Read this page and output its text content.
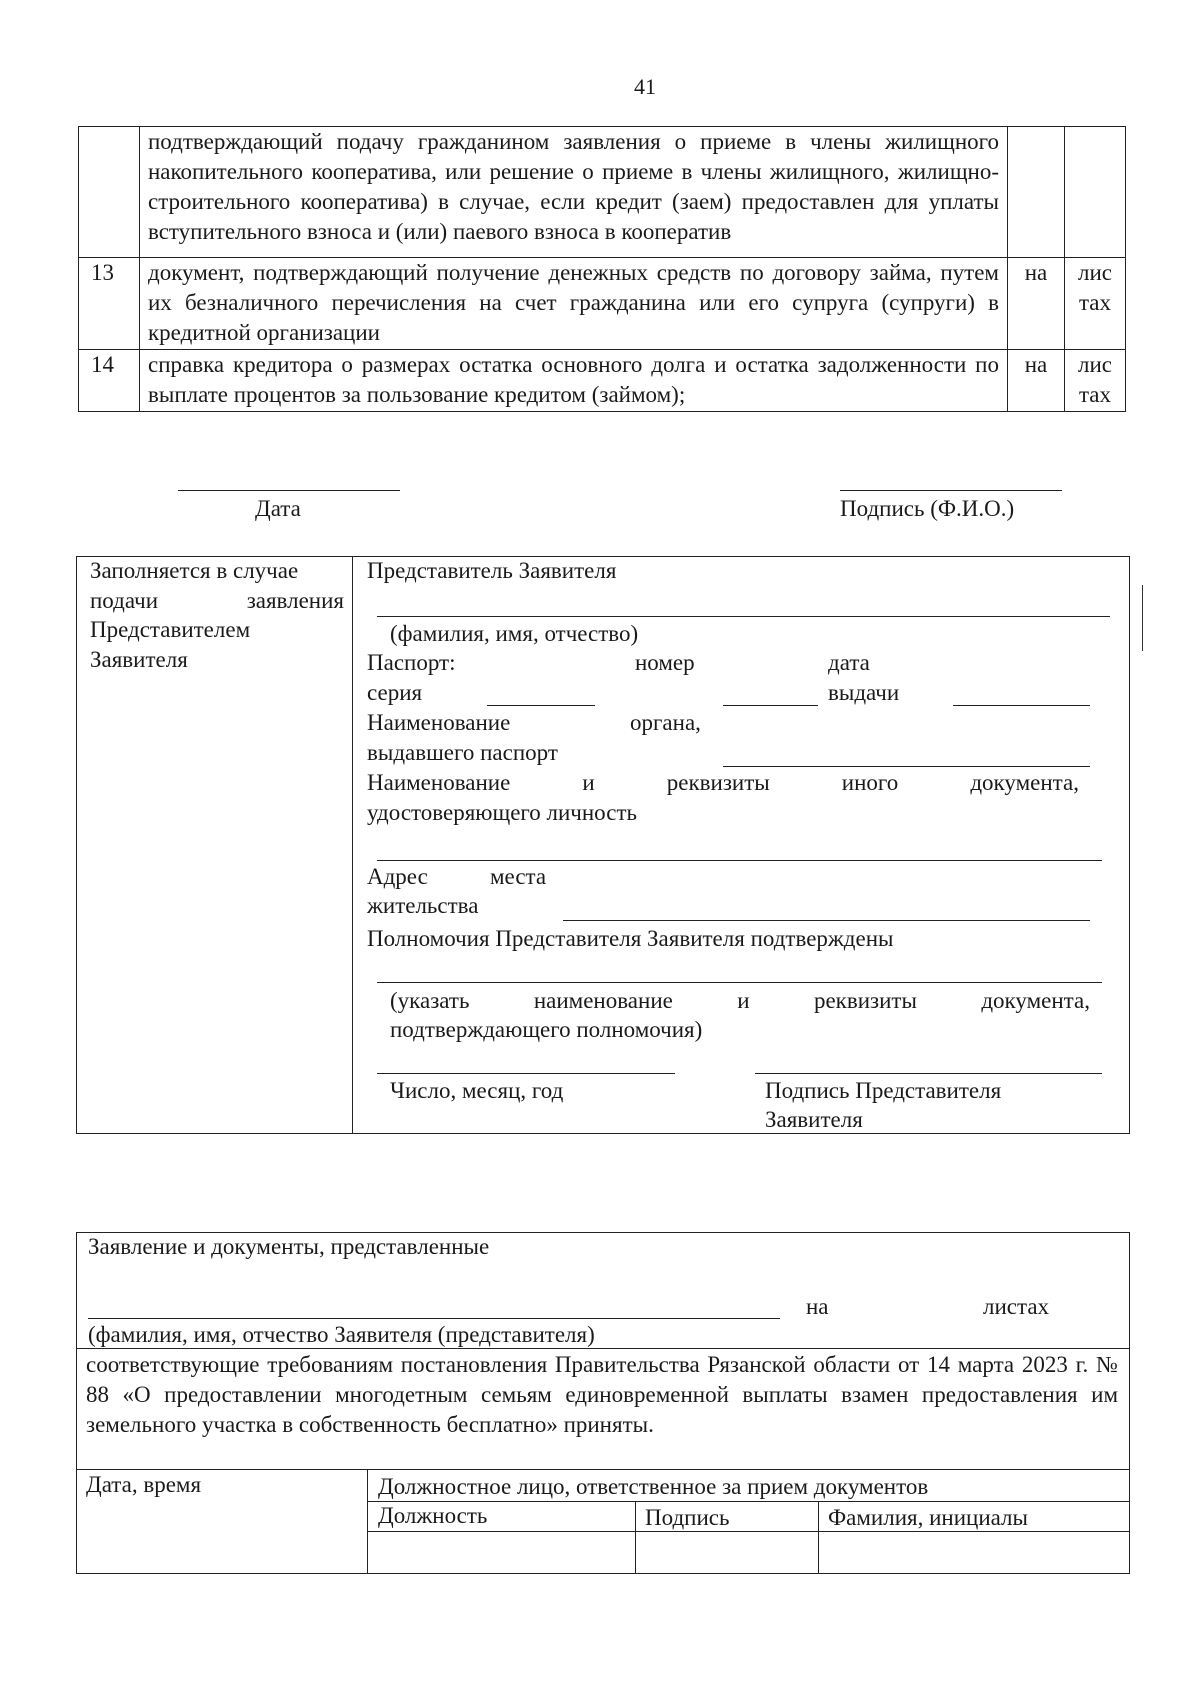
41
	подтверждающий подачу гражданином заявления о приеме в члены жилищного накопительного кооператива, или решение о приеме в члены жилищного, жилищно-строительного кооператива) в случае, если кредит (заем) предоставлен для уплаты вступительного взноса и (или) паевого взноса в кооператив		

13	документ, подтверждающий получение денежных средств по договору займа, путем их безналичного перечисления на счет гражданина или его супруга (супруги) в кредитной организации	на	лис
тах

14	справка кредитора о размерах остатка основного долга и остатка задолженности по выплате процентов за пользование кредитом (займом);	на	лис
тах
Дата	Подпись (Ф.И.О.)
Заполняется в случае
подачи	заявления
Представителем
Заявителя
Представитель Заявителя
(фамилия, имя, отчество)
Паспорт:	номер	дата
серия	выдачи
Наименование	органа,
выдавшего паспорт
Наименование	и	реквизиты	иного	документа,
удостоверяющего личность
Адрес	места
жительства
Полномочия Представителя Заявителя подтверждены
(указать	наименование	и	реквизиты	документа,
подтверждающего полномочия)
Число, месяц, год	Подпись Представителя
Заявителя
Заявление и документы, представленные
на	листах
(фамилия, имя, отчество Заявителя (представителя)
соответствующие требованиям постановления Правительства Рязанской области от 14 марта 2023 г. № 88 «О предоставлении многодетным семьям единовременной выплаты взамен предоставления им земельного участка в собственность бесплатно» приняты.
Дата, время	Должностное лицо, ответственное за прием документов
Должность	Подпись	Фамилия, инициалы
